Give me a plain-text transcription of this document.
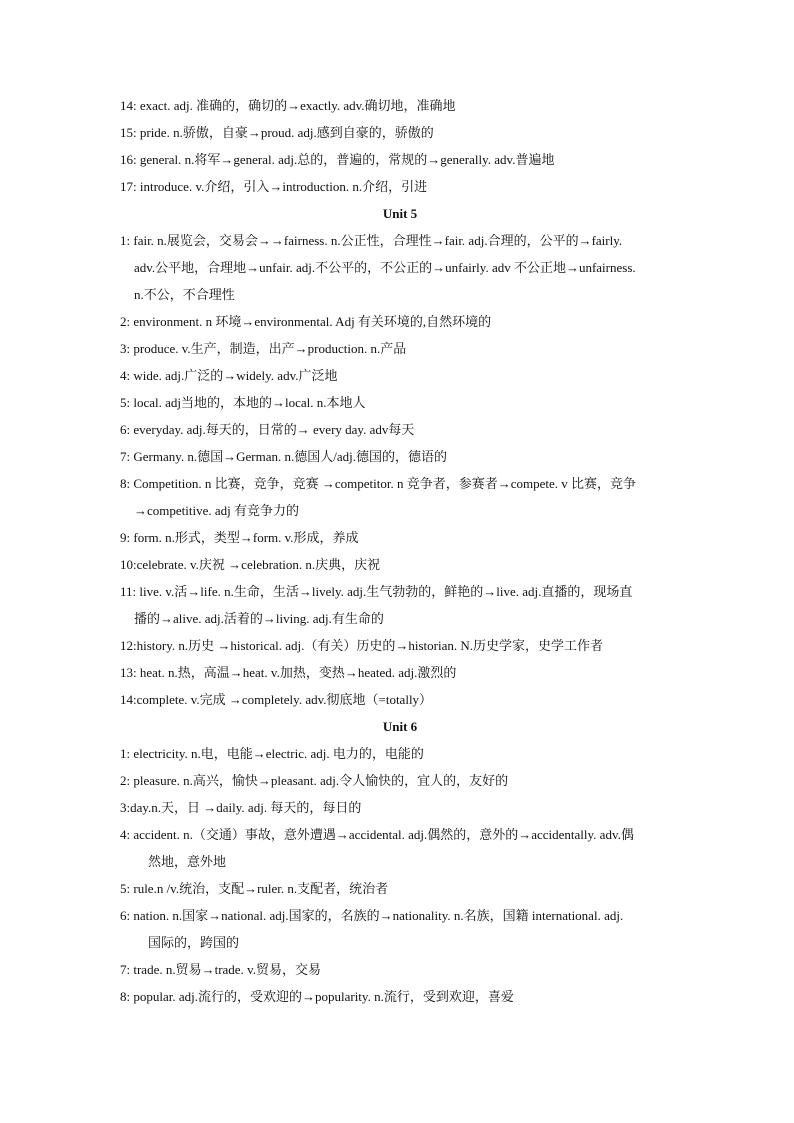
14: exact. adj. 准确的，确切的→exactly. adv.确切地，准确地

15: pride. n.骄傲，自豪→proud. adj.感到自豪的，骄傲的

16: general. n.将军→general. adj.总的，普遍的，常规的→generally. adv.普遍地

17: introduce. v.介绍，引入→introduction. n.介绍，引进

Unit 5

1: fair. n.展览会，交易会→→fairness. n.公正性，合理性→fair. adj.合理的，公平的→fairly.

adv.公平地，合理地→unfair. adj.不公平的，不公正的→unfairly. adv 不公正地→unfairness.
n.不公，不合理性

2: environment. n 环境→environmental. Adj 有关环境的,自然环境的

3: produce. v.生产，制造，出产→production. n.产品

4: wide. adj.广泛的→widely. adv.广泛地

5: local. adj当地的，本地的→local. n.本地人

6: everyday. adj.每天的，日常的→ every day. adv每天

7: Germany. n.德国→German. n.德国人/adj.德国的，德语的

8: Competition. n 比赛，竞争，竞赛 →competitor. n 竞争者，参赛者→compete. v 比赛，竞争

→competitive. adj 有竞争力的

9: form. n.形式，类型→form. v.形成，养成

10:celebrate. v.庆祝 →celebration. n.庆典，庆祝

11: live. v.活→life. n.生命，生活→lively. adj.生气勃勃的，鲜艳的→live. adj.直播的，现场直

播的→alive. adj.活着的→living. adj.有生命的

12:history. n.历史 →historical. adj.（有关）历史的→historian. N.历史学家，史学工作者

13: heat. n.热，高温→heat. v.加热，变热→heated. adj.激烈的

14:complete. v.完成 →completely. adv.彻底地（=totally）

Unit 6

1: electricity. n.电，电能→electric. adj. 电力的，电能的

2: pleasure. n.高兴，愉快→pleasant. adj.令人愉快的，宜人的，友好的

3:day.n.天，日 →daily. adj. 每天的，每日的

4: accident. n.（交通）事故，意外遭遇→accidental. adj.偶然的，意外的→accidentally. adv.偶

然地，意外地

5: rule.n /v.统治，支配→ruler. n.支配者，统治者

6: nation. n.国家→national. adj.国家的，名族的→nationality. n.名族，国籍 international. adj.

国际的，跨国的

7: trade. n.贸易→trade. v.贸易，交易

8: popular. adj.流行的，受欢迎的→popularity. n.流行，受到欢迎，喜爱
